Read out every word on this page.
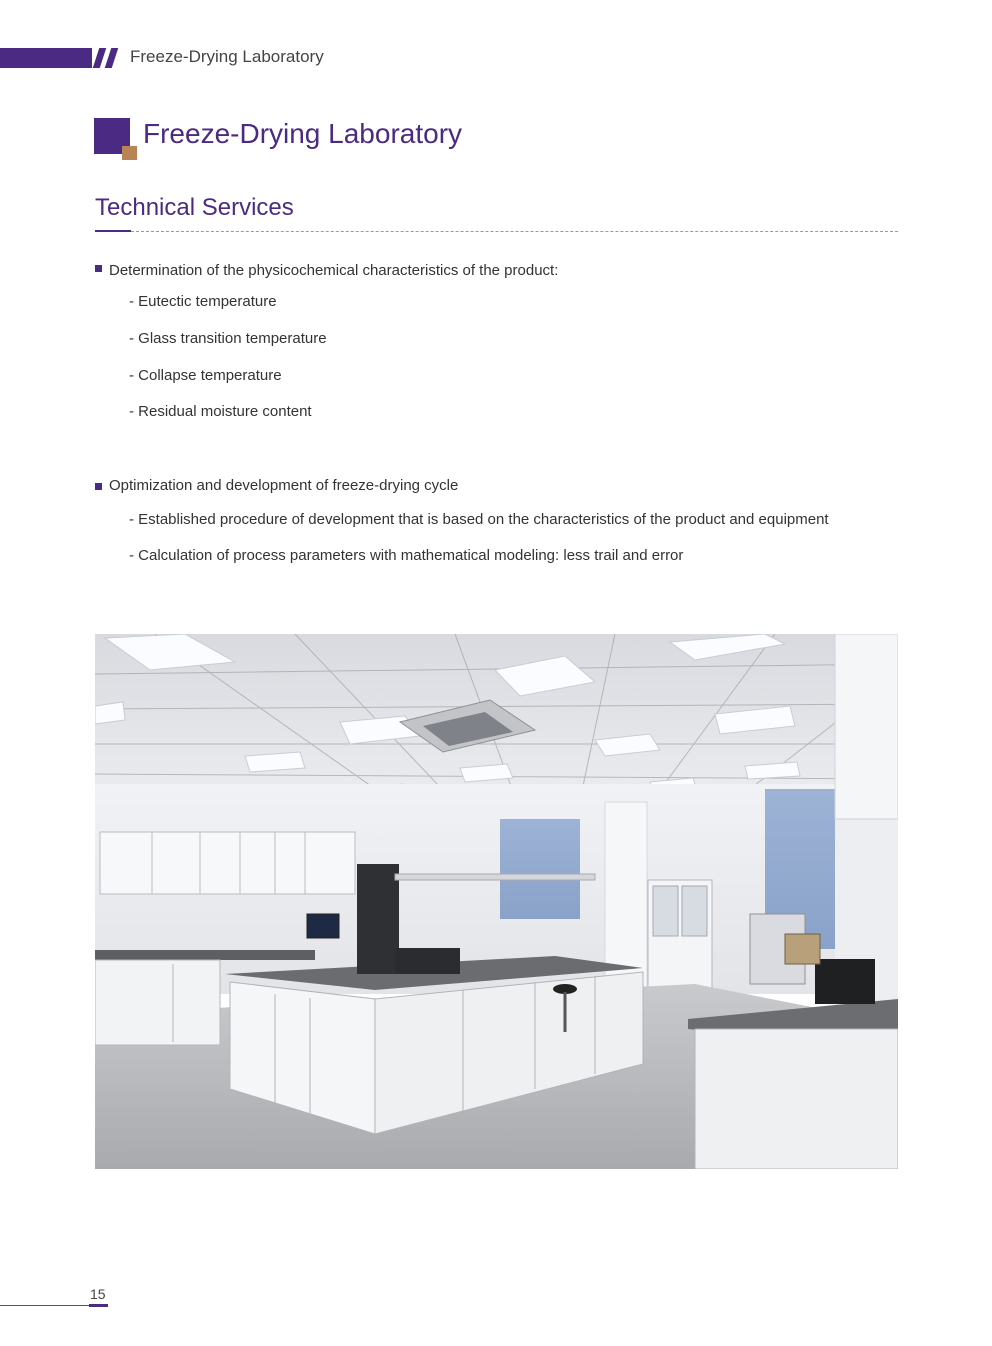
Freeze-Drying Laboratory
Freeze-Drying Laboratory
Technical Services
Determination of the physicochemical characteristics of the product:
- Eutectic temperature
- Glass transition temperature
- Collapse temperature
- Residual moisture content
Optimization and development of freeze-drying cycle
- Established procedure of development that is based on the characteristics of the product and equipment
- Calculation of process parameters with mathematical modeling: less trail and error
15
